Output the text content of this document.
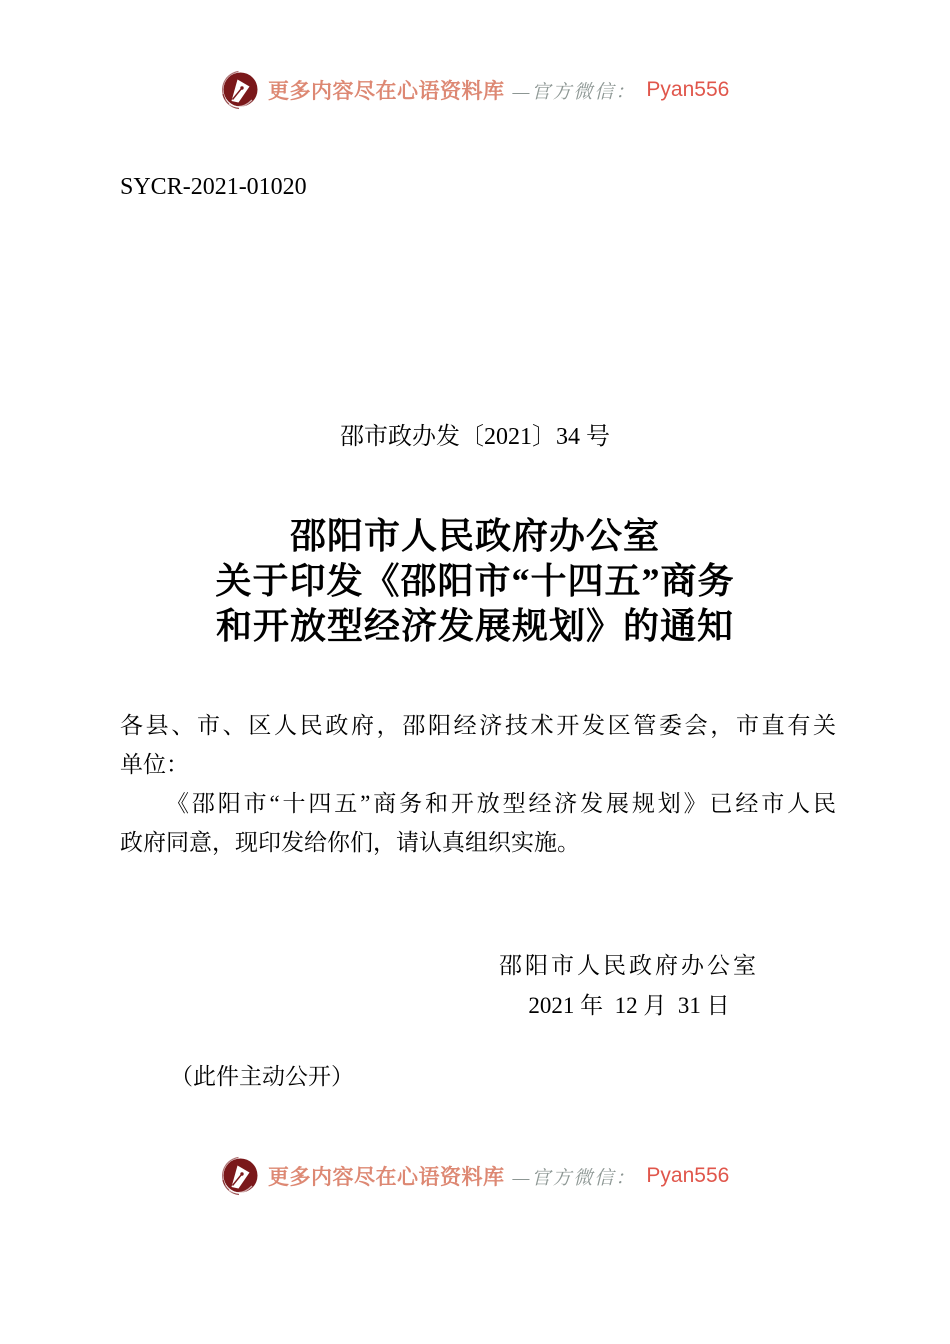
更多内容尽在心语资料库 —官方微信： Pyan556
SYCR-2021-01020
邵市政办发〔2021〕34 号
邵阳市人民政府办公室
关于印发《邵阳市“十四五”商务
和开放型经济发展规划》的通知
各县、市、区人民政府，邵阳经济技术开发区管委会，市直有关
单位：
《邵阳市“十四五”商务和开放型经济发展规划》已经市人民
政府同意，现印发给你们，请认真组织实施。
邵阳市人民政府办公室
2021 年  12 月  31 日
（此件主动公开）
更多内容尽在心语资料库 —官方微信： Pyan556
